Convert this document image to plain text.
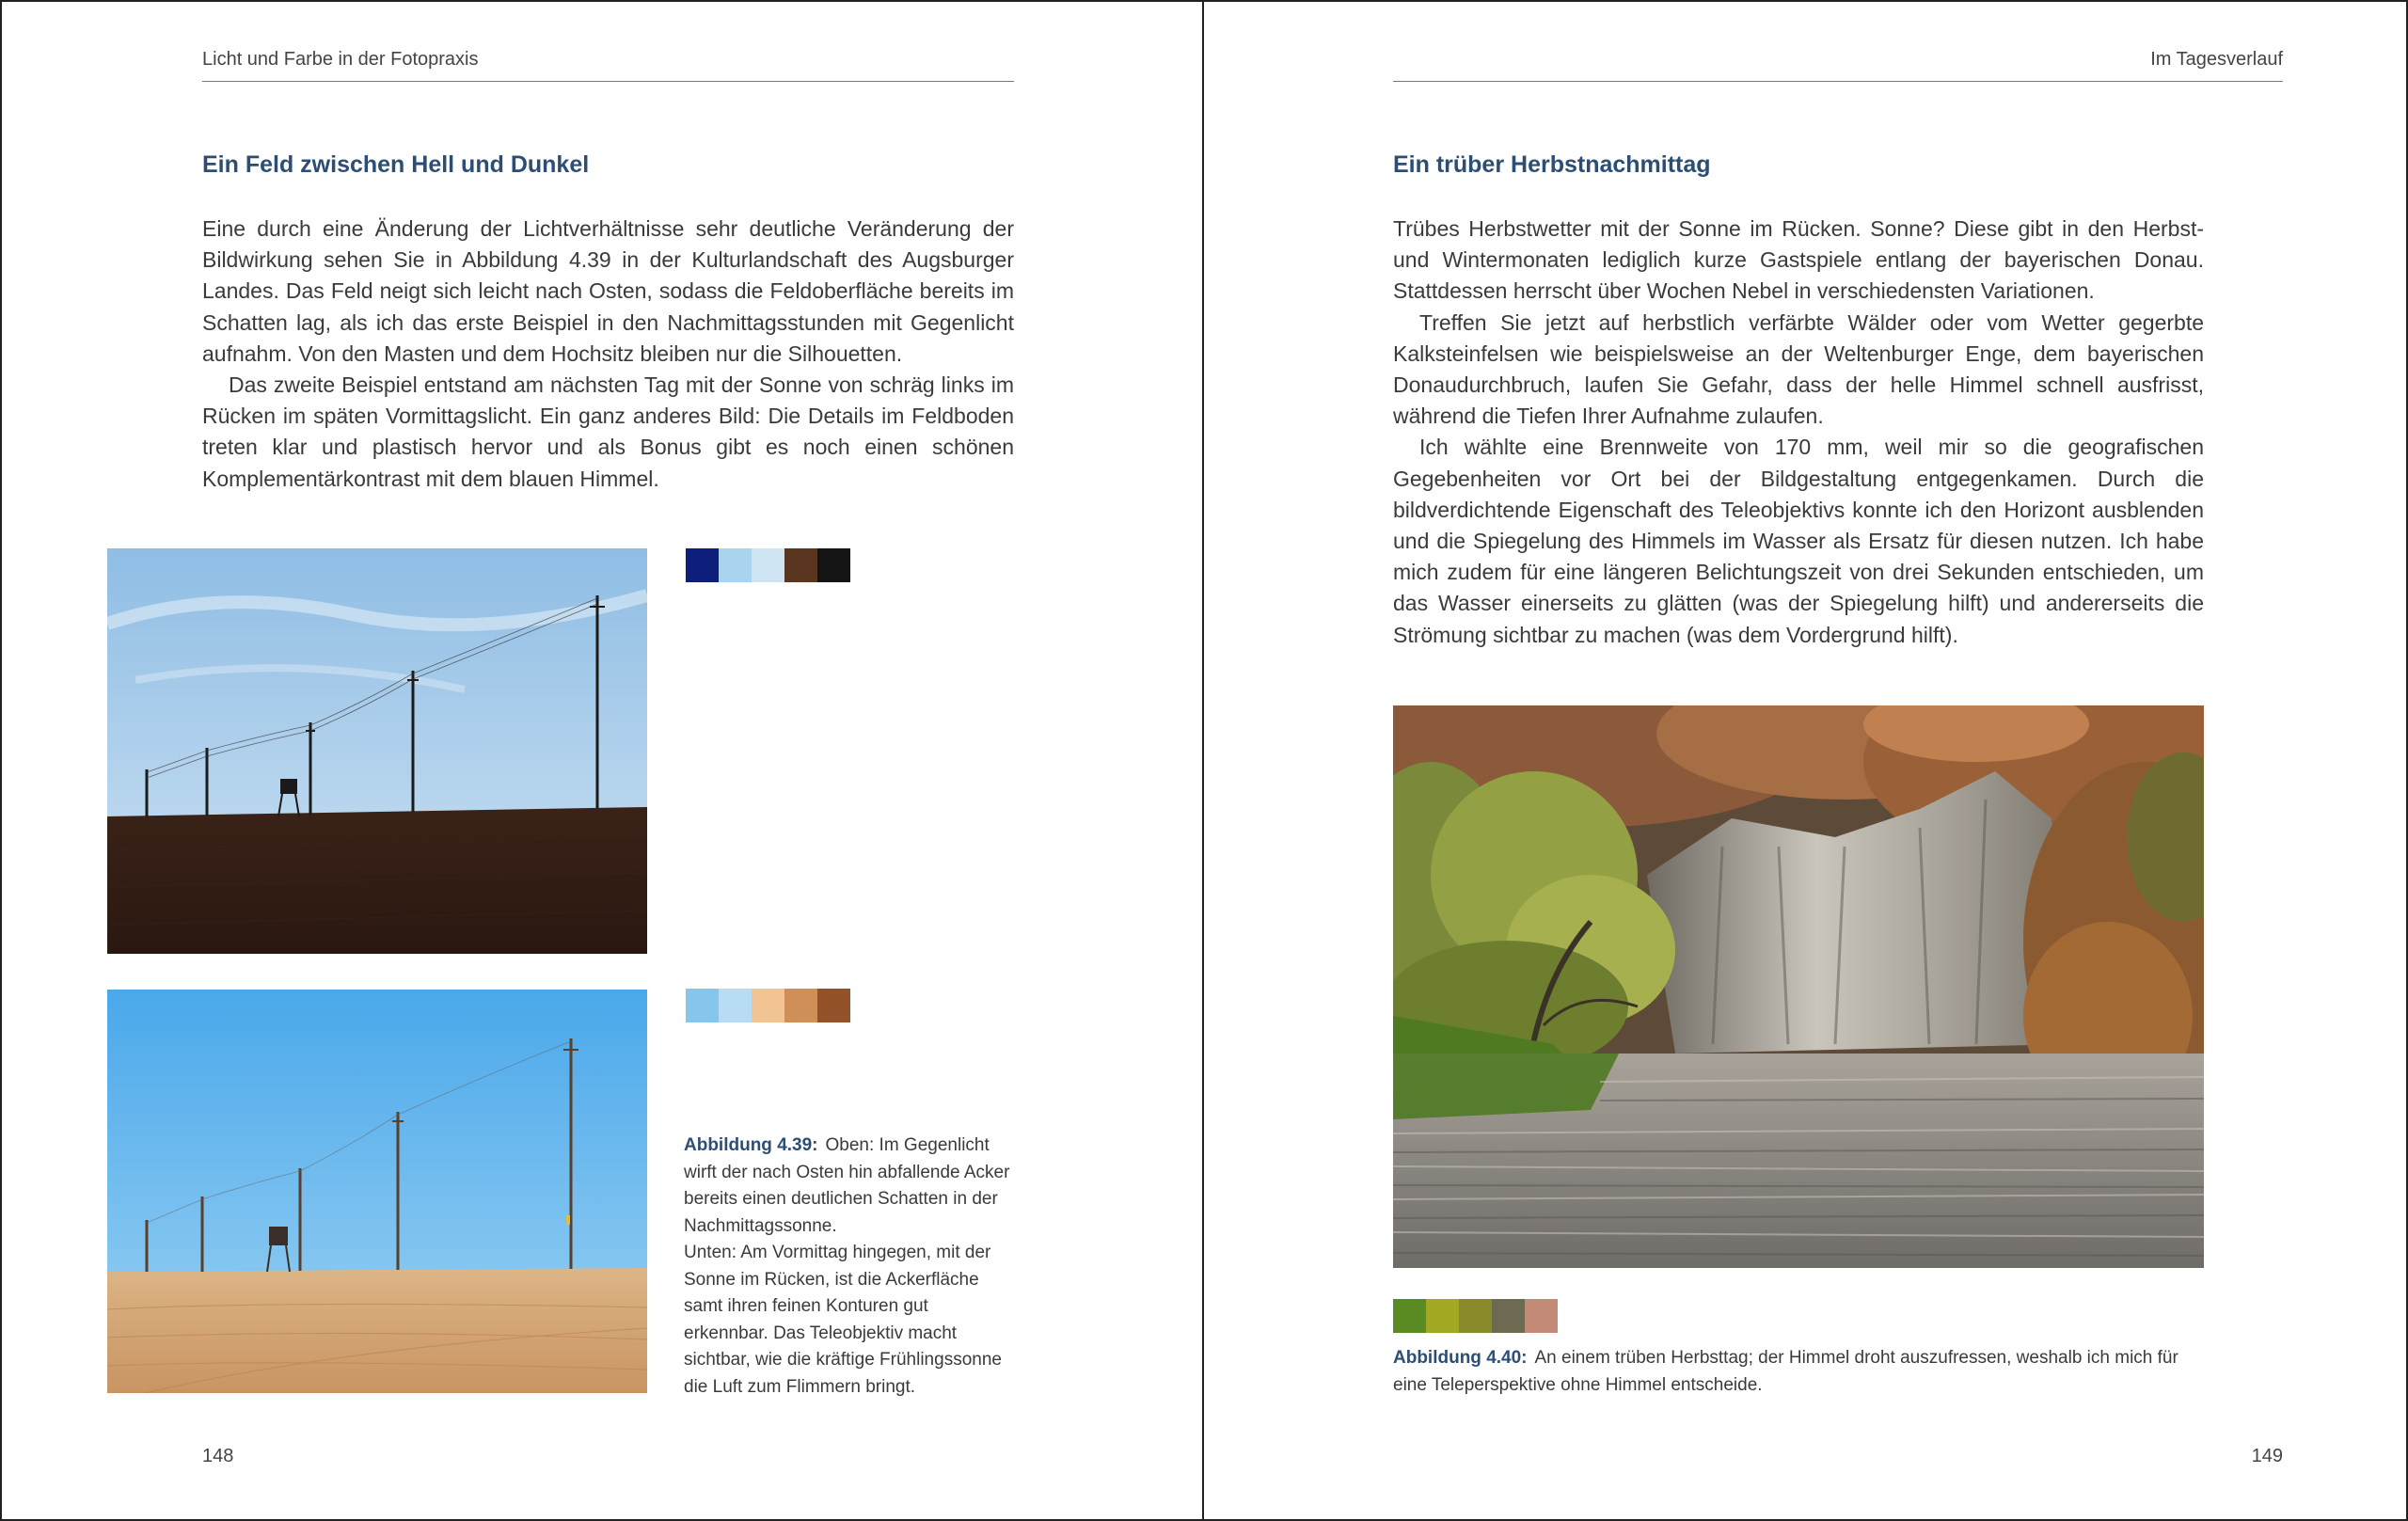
Licht und Farbe in der Fotopraxis
Ein Feld zwischen Hell und Dunkel

Eine durch eine Änderung der Lichtverhältnisse sehr deutliche Veränderung der Bildwirkung sehen Sie in Abbildung 4.39 in der Kulturlandschaft des Augsburger Landes. Das Feld neigt sich leicht nach Osten, sodass die Feldoberfläche bereits im Schatten lag, als ich das erste Beispiel in den Nachmittagsstunden mit Gegenlicht aufnahm. Von den Masten und dem Hochsitz bleiben nur die Silhouetten.

Das zweite Beispiel entstand am nächsten Tag mit der Sonne von schräg links im Rücken im späten Vormittagslicht. Ein ganz anderes Bild: Die Details im Feldboden treten klar und plastisch hervor und als Bonus gibt es noch einen schönen Komplementärkontrast mit dem blauen Himmel.

Abbildung 4.39: Oben: Im Gegenlicht wirft der nach Osten hin abfallende Acker bereits einen deutlichen Schatten in der Nachmittagssonne.
Unten: Am Vormittag hingegen, mit der Sonne im Rücken, ist die Ackerfläche samt ihren feinen Konturen gut erkennbar. Das Teleobjektiv macht sichtbar, wie die kräftige Frühlingssonne die Luft zum Flimmern bringt.
148
Im Tagesverlauf
Ein trüber Herbstnachmittag

Trübes Herbstwetter mit der Sonne im Rücken. Sonne? Diese gibt in den Herbst- und Wintermonaten lediglich kurze Gastspiele entlang der bayerischen Donau. Stattdessen herrscht über Wochen Nebel in verschiedensten Variationen.

Treffen Sie jetzt auf herbstlich verfärbte Wälder oder vom Wetter gegerbte Kalksteinfelsen wie beispielsweise an der Weltenburger Enge, dem bayerischen Donaudurchbruch, laufen Sie Gefahr, dass der helle Himmel schnell ausfrisst, während die Tiefen Ihrer Aufnahme zulaufen.

Ich wählte eine Brennweite von 170 mm, weil mir so die geografischen Gegebenheiten vor Ort bei der Bildgestaltung entgegenkamen. Durch die bildverdichtende Eigenschaft des Teleobjektivs konnte ich den Horizont ausblenden und die Spiegelung des Himmels im Wasser als Ersatz für diesen nutzen. Ich habe mich zudem für eine längeren Belichtungszeit von drei Sekunden entschieden, um das Wasser einerseits zu glätten (was der Spiegelung hilft) und andererseits die Strömung sichtbar zu machen (was dem Vordergrund hilft).

Abbildung 4.40: An einem trüben Herbsttag; der Himmel droht auszufressen, weshalb ich mich für eine Teleperspektive ohne Himmel entscheide.
149
